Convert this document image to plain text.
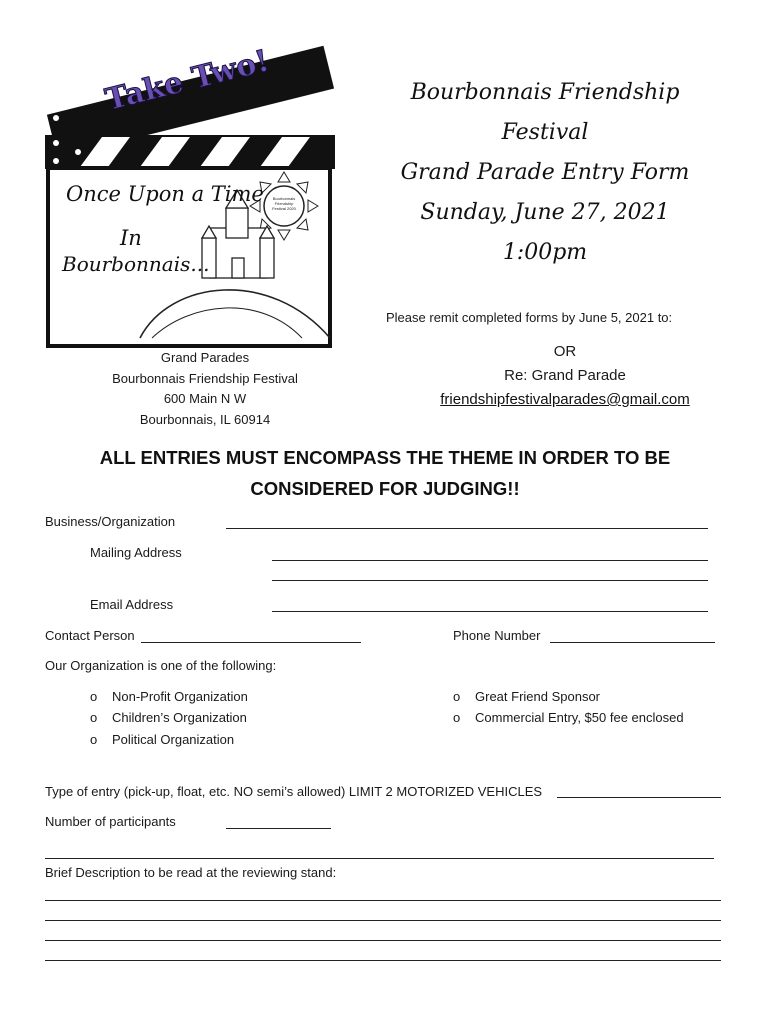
Take Two!
Once Upon a Time
In
Bourbonnais...
Bourbonnais Friendship Festival 2020
Bourbonnais Friendship
Festival
Grand Parade Entry Form
Sunday, June 27, 2021
1:00pm
Please remit completed forms by June 5, 2021 to:
Grand Parades
Bourbonnais Friendship Festival
600 Main N W
Bourbonnais, IL 60914
OR
Re: Grand Parade
friendshipfestivalparades@gmail.com
ALL ENTRIES MUST ENCOMPASS THE THEME IN ORDER TO BE
CONSIDERED FOR JUDGING!!
Business/Organization
Mailing Address
Email Address
Contact Person	Phone Number
Our Organization is one of the following:
o Non-Profit Organization
o Children’s Organization
o Political Organization
o Great Friend Sponsor
o Commercial Entry, $50 fee enclosed
Type of entry (pick-up, float, etc. NO semi’s allowed) LIMIT 2 MOTORIZED VEHICLES
Number of participants
Brief Description to be read at the reviewing stand:
